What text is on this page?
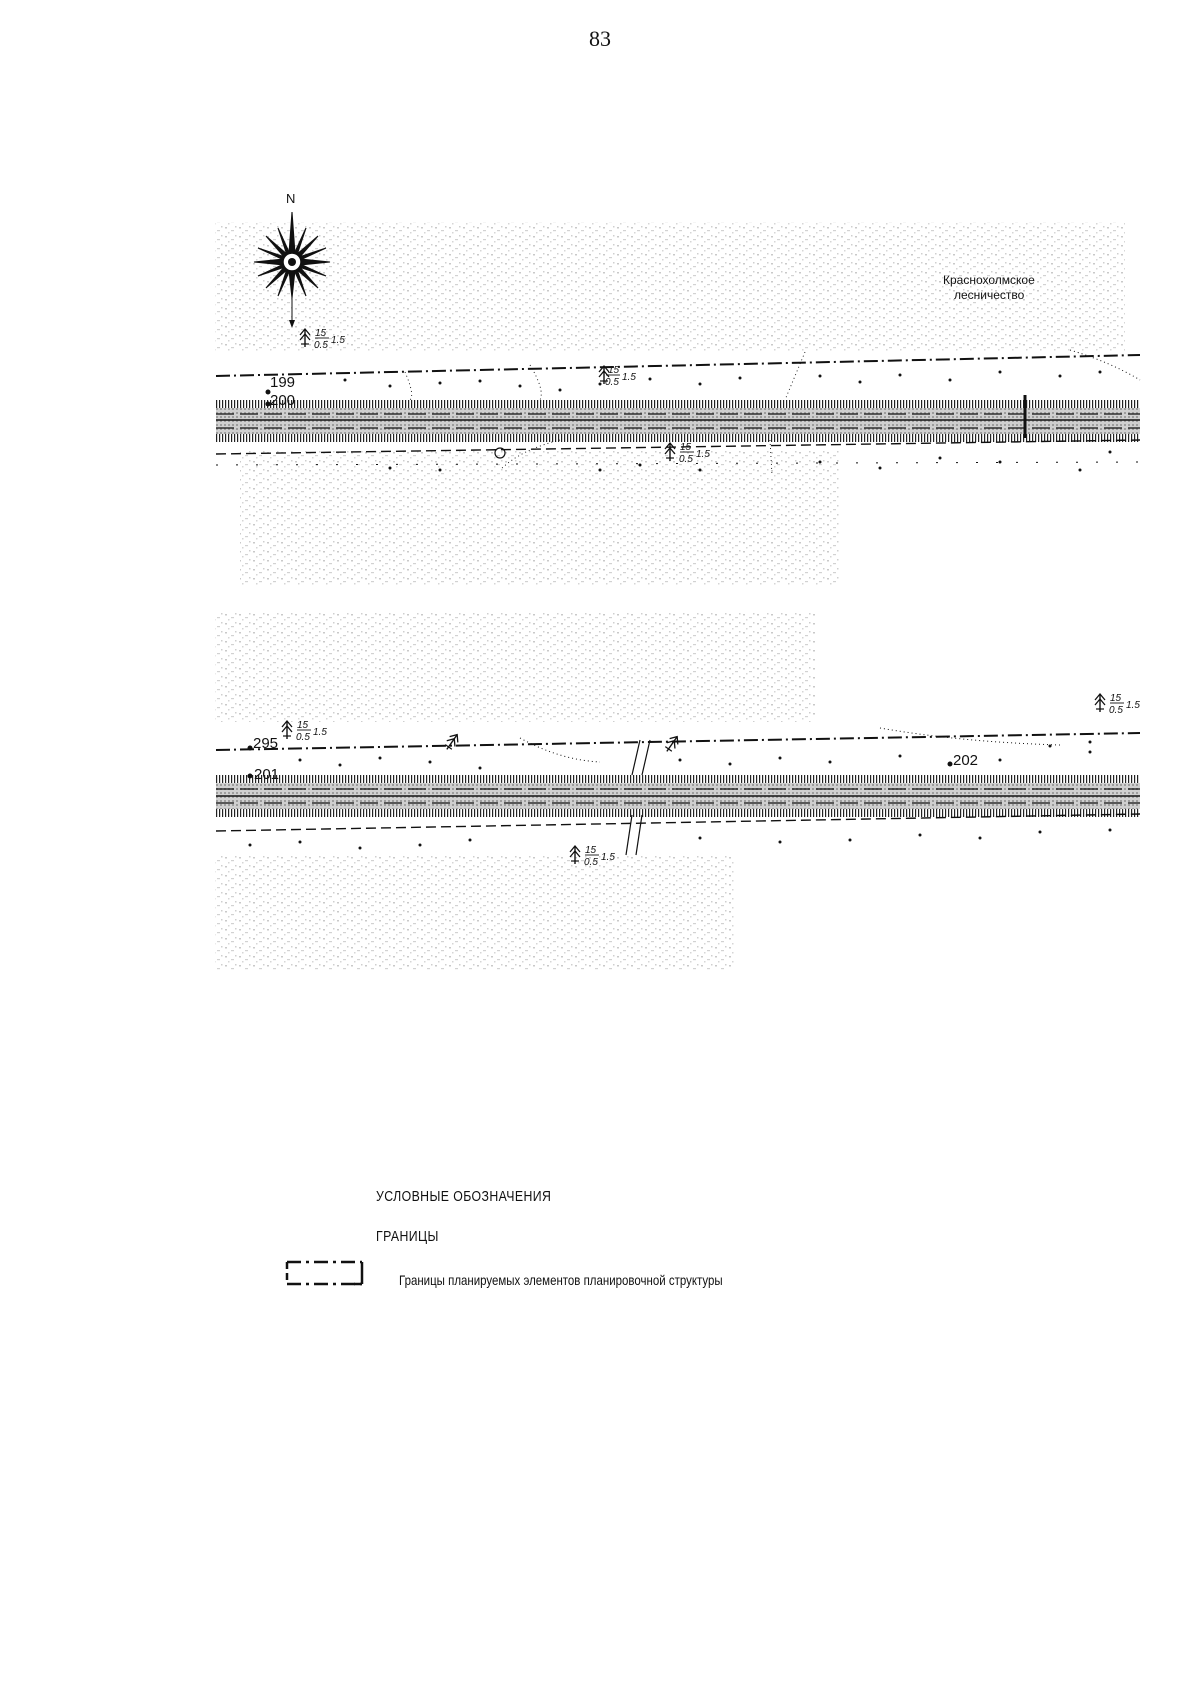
83
N
Краснохолмское
лесничество
199
200
295
201
202
15
0.5 1.5
15
0.5 1.5
15
0.5 1.5
15
0.5 1.5
15
0.5 1.5
15
0.5 1.5
УСЛОВНЫЕ ОБОЗНАЧЕНИЯ
ГРАНИЦЫ
Границы планируемых элементов планировочной структуры
